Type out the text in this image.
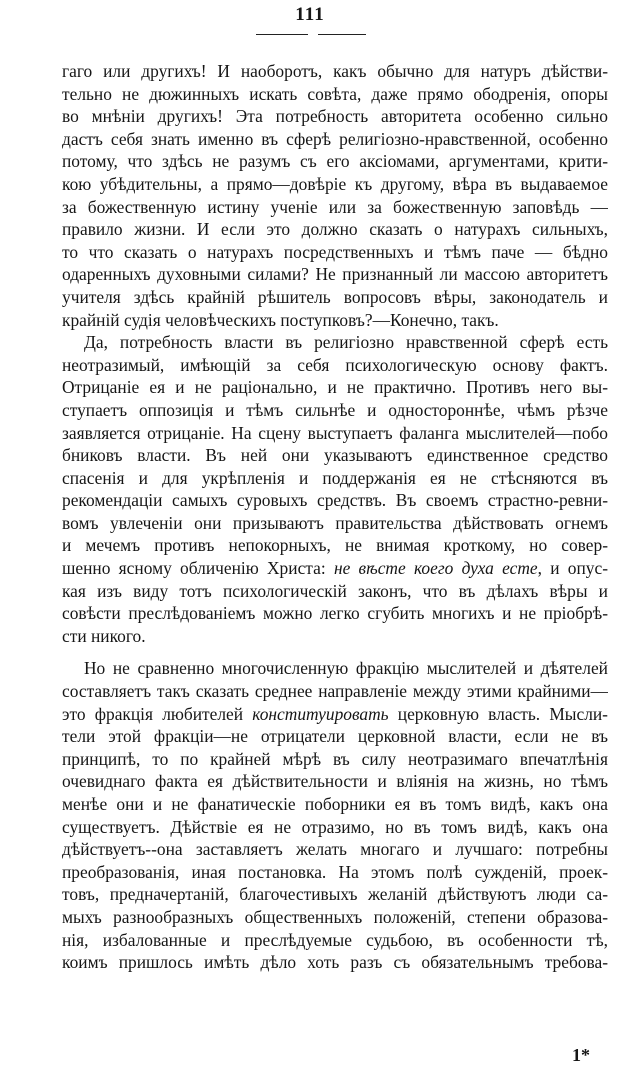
111
гаго или другихъ! И наоборотъ, какъ обычно для натуръ дѣйстви-
тельно не дюжинныхъ искать совѣта, даже прямо ободренія, опоры
во мнѣніи другихъ! Эта потребность авторитета особенно сильно
дастъ себя знать именно въ сферѣ религіозно-нравственной, особенно
потому, что здѣсь не разумъ съ его аксіомами, аргументами, крити-
кою убѣдительны, а прямо—довѣріе къ другому, вѣра въ выдаваемое
за божественную истину ученіе или за божественную заповѣдь —
правило жизни. И если это должно сказать о натурахъ сильныхъ,
то что сказать о натурахъ посредственныхъ и тѣмъ паче — бѣдно
одаренныхъ духовными силами? Не признанный ли массою авторитетъ
учителя здѣсь крайній рѣшитель вопросовъ вѣры, законодатель и
крайній судія человѣческихъ поступковъ?—Конечно, такъ.
Да, потребность власти въ религіозно нравственной сферѣ есть
неотразимый, имѣющій за себя психологическую основу фактъ.
Отрицаніе ея и не раціонально, и не практично. Противъ него вы-
ступаетъ оппозиція и тѣмъ сильнѣе и одностороннѣе, чѣмъ рѣзче
заявляется отрицаніе. На сцену выступаетъ фаланга мыслителей—побо
бниковъ власти. Въ ней они указываютъ единственное средство
спасенія и для укрѣпленія и поддержанія ея не стѣсняются въ
рекомендаціи самыхъ суровыхъ средствъ. Въ своемъ страстно-ревни-
вомъ увлеченіи они призываютъ правительства дѣйствовать огнемъ
и мечемъ противъ непокорныхъ, не внимая кроткому, но совер-
шенно ясному обличенію Христа: не вѣсте коего духа есте, и опус-
кая изъ виду тотъ психологическій законъ, что въ дѣлахъ вѣры и
совѣсти преслѣдованіемъ можно легко сгубить многихъ и не пріобрѣ-
сти никого.
Но не сравненно многочисленную фракцію мыслителей и дѣятелей
составляетъ такъ сказать среднее направленіе между этими крайними—
это фракція любителей конституировать церковную власть. Мысли-
тели этой фракціи—не отрицатели церковной власти, если не въ
принципѣ, то по крайней мѣрѣ въ силу неотразимаго впечатлѣнія
очевиднаго факта ея дѣйствительности и вліянія на жизнь, но тѣмъ
менѣе они и не фанатическіе поборники ея въ томъ видѣ, какъ она
существуетъ. Дѣйствіе ея не отразимо, но въ томъ видѣ, какъ она
дѣйствуетъ--она заставляетъ желать многаго и лучшаго: потребны
преобразованія, иная постановка. На этомъ полѣ сужденій, проек-
товъ, предначертаній, благочестивыхъ желаній дѣйствуютъ люди са-
мыхъ разнообразныхъ общественныхъ положеній, степени образова-
нія, избалованные и преслѣдуемые судьбою, въ особенности тѣ,
коимъ пришлось имѣть дѣло хоть разъ съ обязательнымъ требова-
1*
